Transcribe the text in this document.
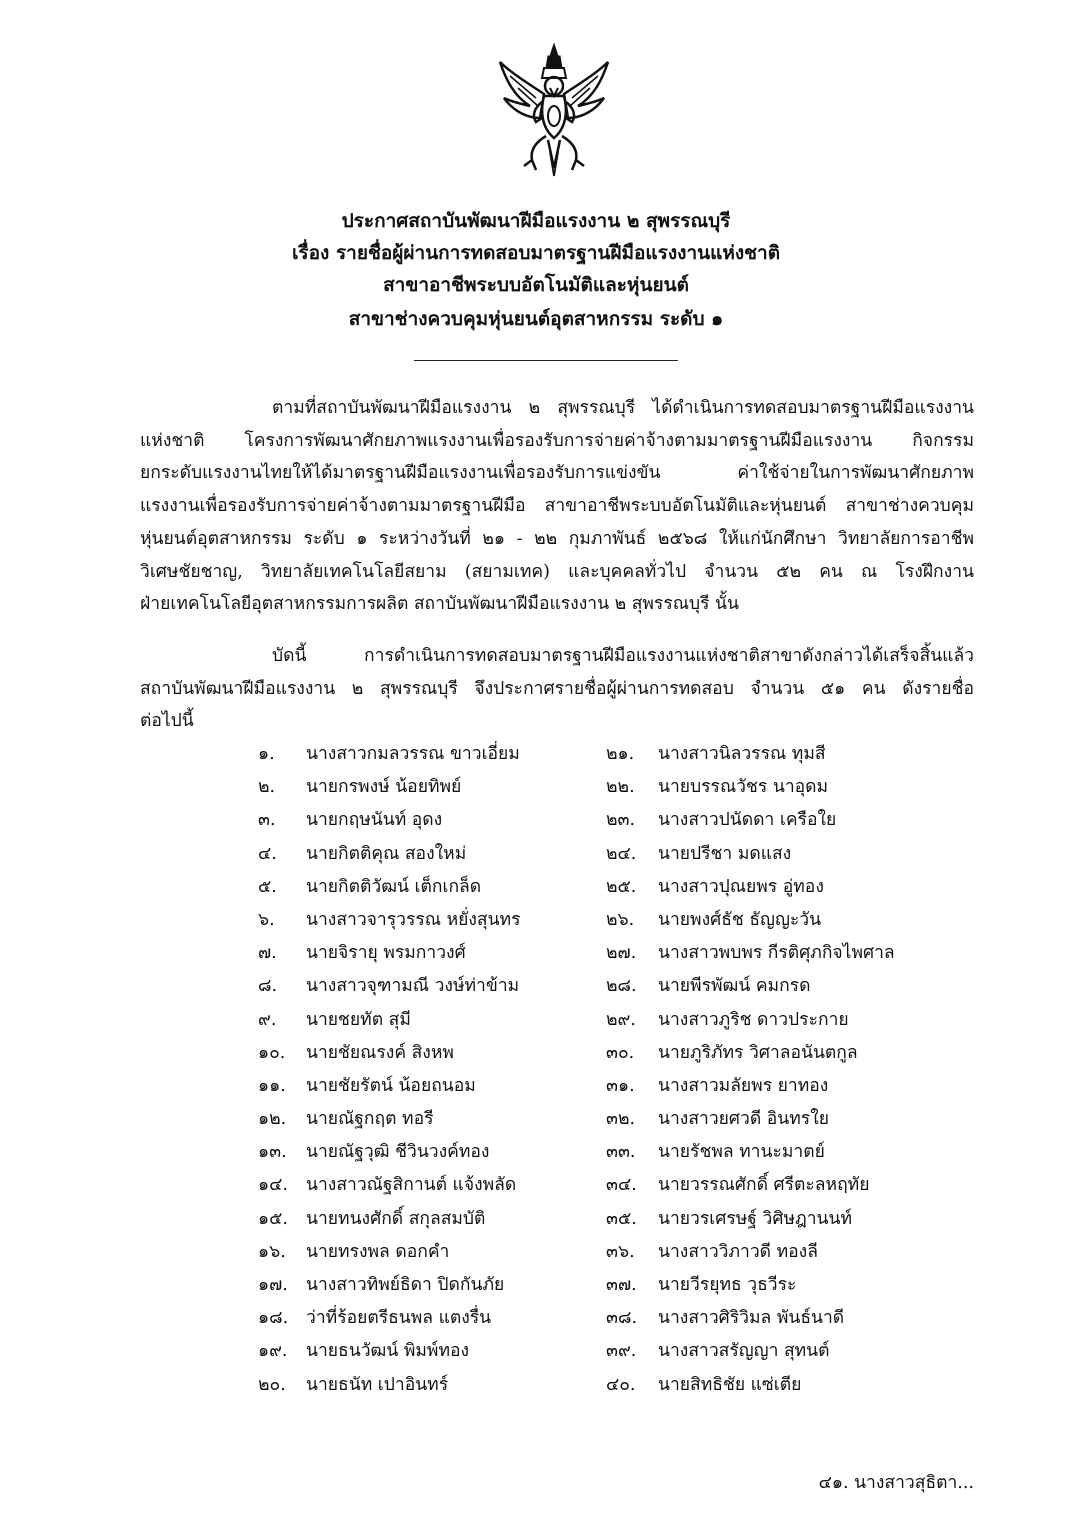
ประกาศสถาบันพัฒนาฝีมือแรงงาน ๒ สุพรรณบุรี
เรื่อง รายชื่อผู้ผ่านการทดสอบมาตรฐานฝีมือแรงงานแห่งชาติ
สาขาอาชีพระบบอัตโนมัติและหุ่นยนต์
สาขาช่างควบคุมหุ่นยนต์อุตสาหกรรม ระดับ ๑
ตามที่สถาบันพัฒนาฝีมือแรงงาน ๒ สุพรรณบุรี ได้ดำเนินการทดสอบมาตรฐานฝีมือแรงงาน
แห่งชาติ โครงการพัฒนาศักยภาพแรงงานเพื่อรองรับการจ่ายค่าจ้างตามมาตรฐานฝีมือแรงงาน กิจกรรม
ยกระดับแรงงานไทยให้ได้มาตรฐานฝีมือแรงงานเพื่อรองรับการแข่งขัน ค่าใช้จ่ายในการพัฒนาศักยภาพ
แรงงานเพื่อรองรับการจ่ายค่าจ้างตามมาตรฐานฝีมือ สาขาอาชีพระบบอัตโนมัติและหุ่นยนต์ สาขาช่างควบคุม
หุ่นยนต์อุตสาหกรรม ระดับ ๑ ระหว่างวันที่ ๒๑ - ๒๒ กุมภาพันธ์ ๒๕๖๘ ให้แก่นักศึกษา วิทยาลัยการอาชีพ
วิเศษชัยชาญ, วิทยาลัยเทคโนโลยีสยาม (สยามเทค) และบุคคลทั่วไป จำนวน ๕๒ คน ณ โรงฝึกงาน
ฝ่ายเทคโนโลยีอุตสาหกรรมการผลิต สถาบันพัฒนาฝีมือแรงงาน ๒ สุพรรณบุรี นั้น
บัดนี้ การดำเนินการทดสอบมาตรฐานฝีมือแรงงานแห่งชาติสาขาดังกล่าวได้เสร็จสิ้นแล้ว
สถาบันพัฒนาฝีมือแรงงาน ๒ สุพรรณบุรี จึงประกาศรายชื่อผู้ผ่านการทดสอบ จำนวน ๕๑ คน ดังรายชื่อ
ต่อไปนี้
๑.	นางสาวกมลวรรณ ขาวเอี่ยม
๒.	นายกรพงษ์ น้อยทิพย์
๓.	นายกฤษนันท์ อุดง
๔.	นายกิตติคุณ สองใหม่
๕.	นายกิตติวัฒน์ เต็กเกล็ด
๖.	นางสาวจารุวรรณ หยั่งสุนทร
๗.	นายจิรายุ พรมกาวงศ์
๘.	นางสาวจุฑามณี วงษ์ท่าข้าม
๙.	นายชยทัต สุมี
๑๐.	นายชัยณรงค์ สิงหพ
๑๑.	นายชัยรัตน์ น้อยถนอม
๑๒.	นายณัฐกฤต ทอรี
๑๓.	นายณัฐวุฒิ ชีวินวงค์ทอง
๑๔.	นางสาวณัฐสิกานต์ แจ้งพลัด
๑๕.	นายทนงศักดิ์ สกุลสมบัติ
๑๖.	นายทรงพล ดอกคำ
๑๗.	นางสาวทิพย์ธิดา ปิดกันภัย
๑๘.	ว่าที่ร้อยตรีธนพล แตงรื่น
๑๙.	นายธนวัฒน์ พิมพ์ทอง
๒๐.	นายธนัท เปาอินทร์
๒๑.	นางสาวนิลวรรณ ทุมสี
๒๒.	นายบรรณวัชร นาอุดม
๒๓.	นางสาวปนัดดา เครือใย
๒๔.	นายปรีชา มดแสง
๒๕.	นางสาวปุณยพร อู่ทอง
๒๖.	นายพงศ์ธัช ธัญญะวัน
๒๗.	นางสาวพบพร กีรติศุภกิจไพศาล
๒๘.	นายพีรพัฒน์ คมกรด
๒๙.	นางสาวภูริช ดาวประกาย
๓๐.	นายภูริภัทร วิศาลอนันตกูล
๓๑.	นางสาวมลัยพร ยาทอง
๓๒.	นางสาวยศวดี อินทรใย
๓๓.	นายรัชพล ทานะมาตย์
๓๔.	นายวรรณศักดิ์ ศรีตะลหฤทัย
๓๕.	นายวรเศรษฐ์ วิศิษฎานนท์
๓๖.	นางสาววิภาวดี ทองลี
๓๗.	นายวีรยุทธ วุธวีระ
๓๘.	นางสาวศิริวิมล พันธ์นาดี
๓๙.	นางสาวสรัญญา สุทนต์
๔๐.	นายสิทธิชัย แซ่เตีย
๔๑. นางสาวสุธิตา...
